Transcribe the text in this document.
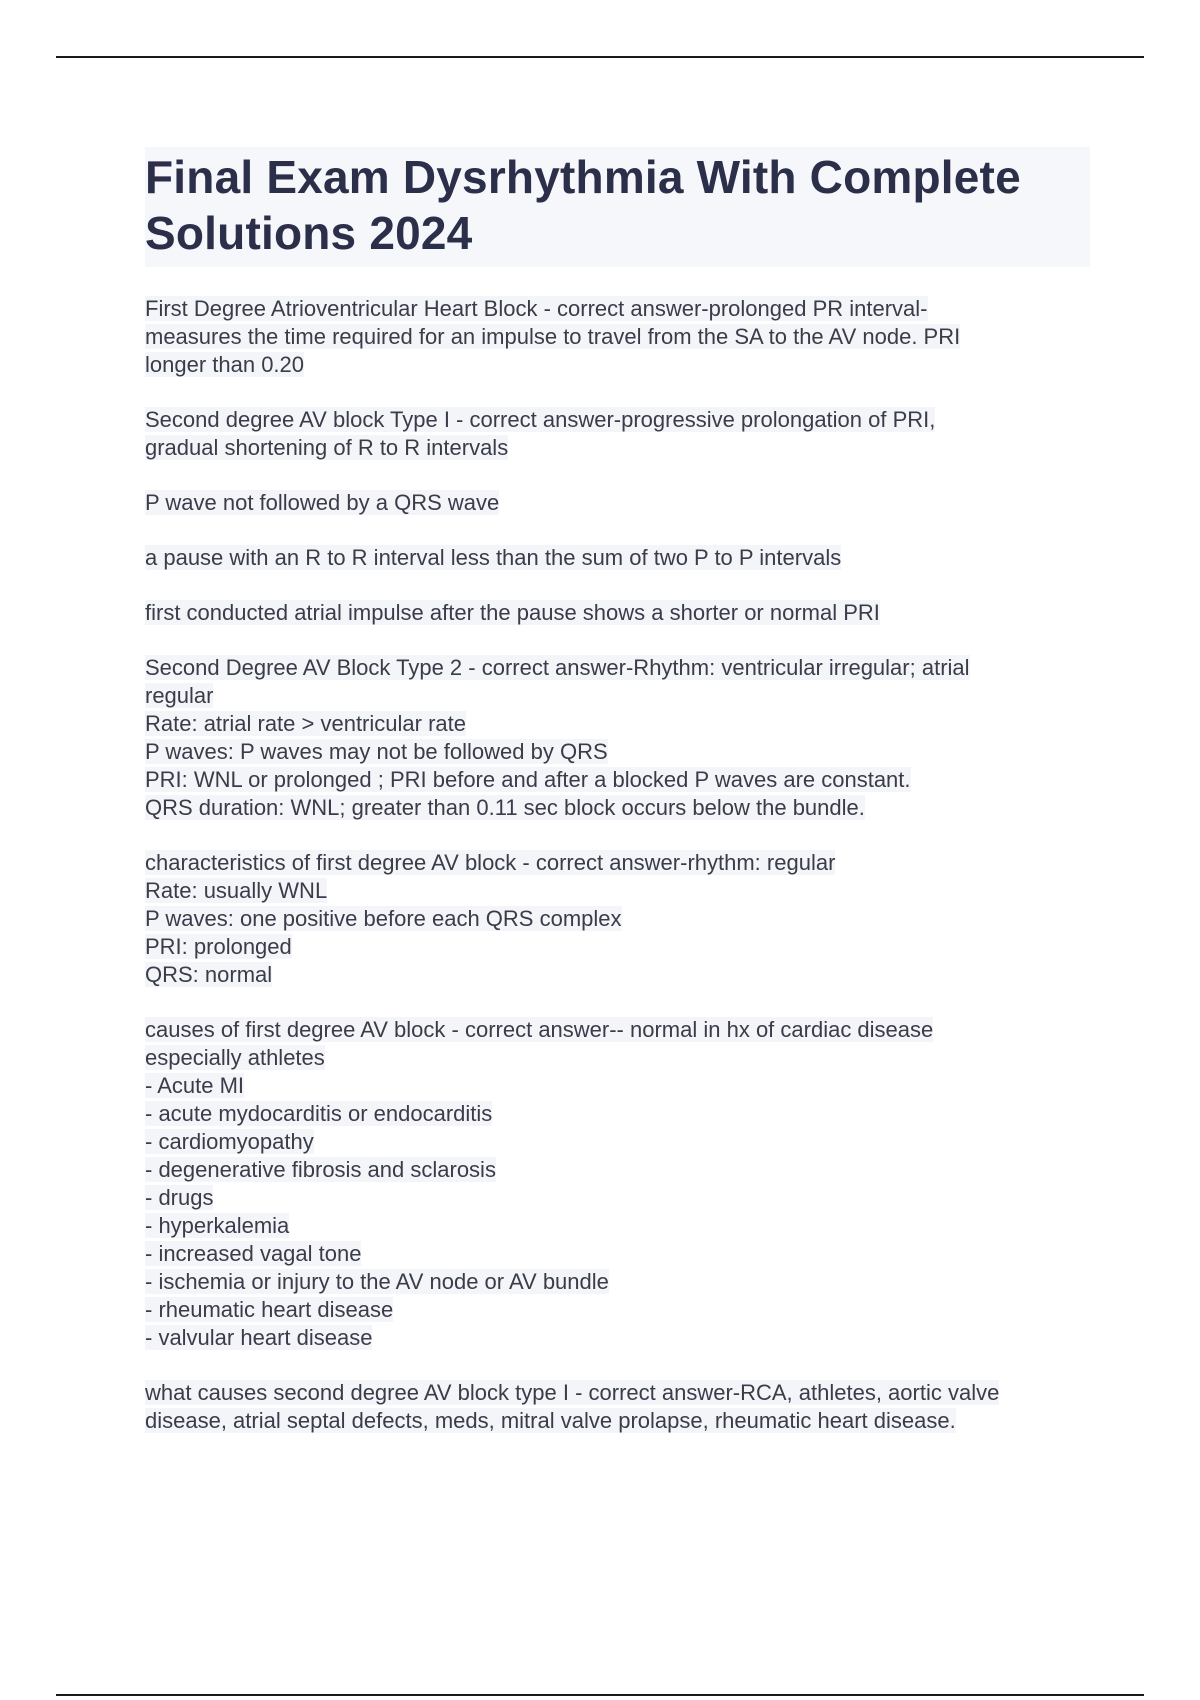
Final Exam Dysrhythmia With Complete
Solutions 2024

First Degree Atrioventricular Heart Block - correct answer-prolonged PR interval-
measures the time required for an impulse to travel from the SA to the AV node. PRI
longer than 0.20

Second degree AV block Type I - correct answer-progressive prolongation of PRI,
gradual shortening of R to R intervals

P wave not followed by a QRS wave

a pause with an R to R interval less than the sum of two P to P intervals

first conducted atrial impulse after the pause shows a shorter or normal PRI

Second Degree AV Block Type 2 - correct answer-Rhythm: ventricular irregular; atrial
regular
Rate: atrial rate > ventricular rate
P waves: P waves may not be followed by QRS
PRI: WNL or prolonged ; PRI before and after a blocked P waves are constant.
QRS duration: WNL; greater than 0.11 sec block occurs below the bundle.

characteristics of first degree AV block - correct answer-rhythm: regular
Rate: usually WNL
P waves: one positive before each QRS complex
PRI: prolonged
QRS: normal

causes of first degree AV block - correct answer-- normal in hx of cardiac disease
especially athletes
- Acute MI
- acute mydocarditis or endocarditis
- cardiomyopathy
- degenerative fibrosis and sclarosis
- drugs
- hyperkalemia
- increased vagal tone
- ischemia or injury to the AV node or AV bundle
- rheumatic heart disease
- valvular heart disease

what causes second degree AV block type I - correct answer-RCA, athletes, aortic valve
disease, atrial septal defects, meds, mitral valve prolapse, rheumatic heart disease.
